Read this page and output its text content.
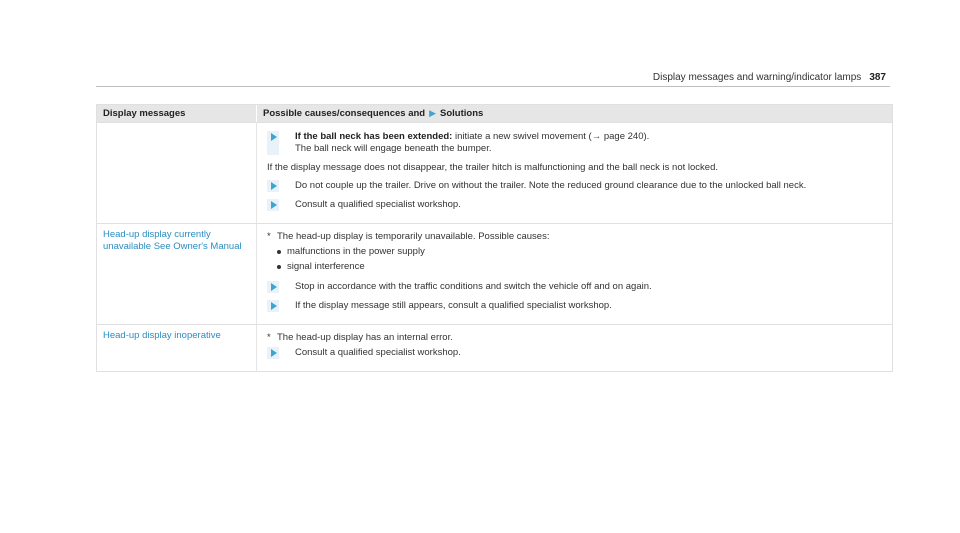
Display messages and warning/indicator lamps 387
Display messages	Possible causes/consequences and ▶ Solutions
If the ball neck has been extended: initiate a new swivel movement (→ page 240).
The ball neck will engage beneath the bumper.
If the display message does not disappear, the trailer hitch is malfunctioning and the ball neck is not locked.
Do not couple up the trailer. Drive on without the trailer. Note the reduced ground clearance due to the unlocked ball neck.
Consult a qualified specialist workshop.
Head-up display currently unavailable See Owner's Manual
* The head-up display is temporarily unavailable. Possible causes:
malfunctions in the power supply
signal interference
Stop in accordance with the traffic conditions and switch the vehicle off and on again.
If the display message still appears, consult a qualified specialist workshop.
Head-up display inoperative	* The head-up display has an internal error.
Consult a qualified specialist workshop.
